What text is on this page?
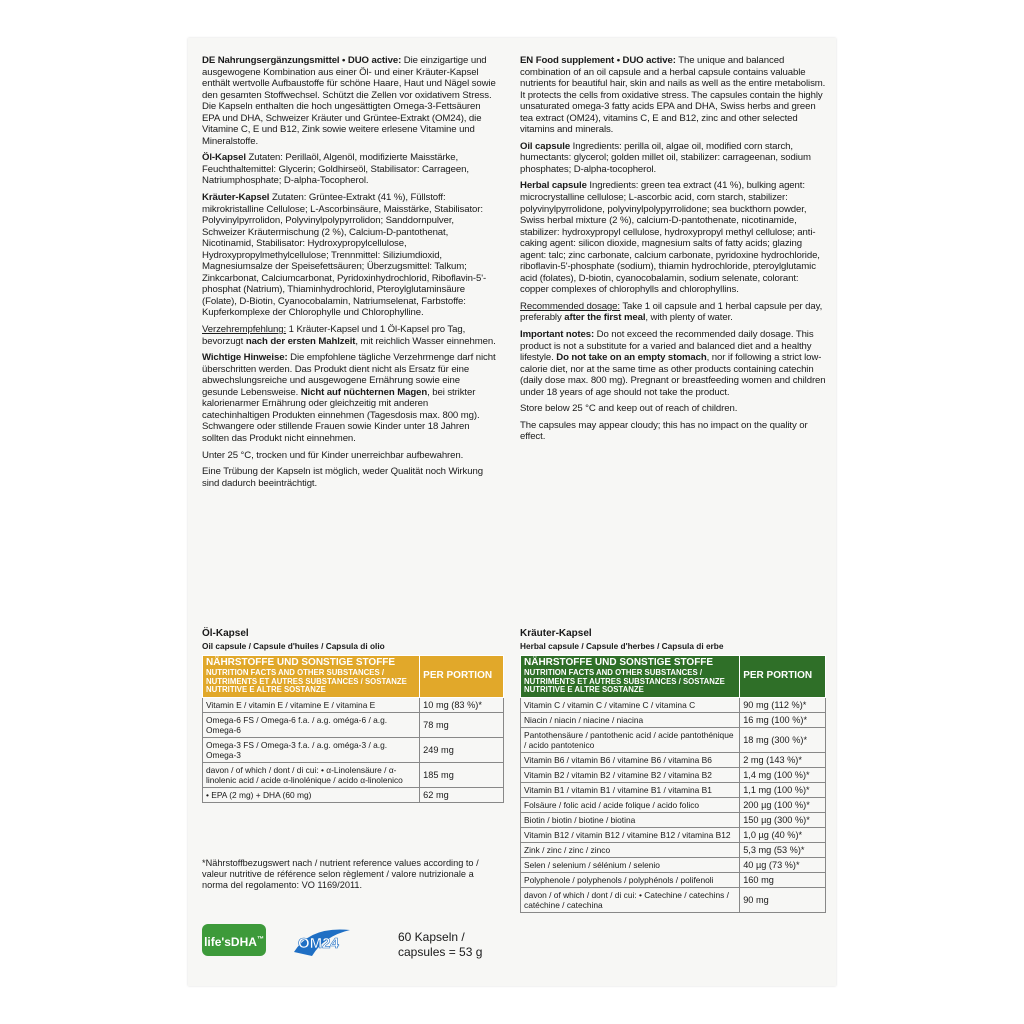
DE Nahrungsergänzungsmittel • DUO active: Die einzigartige und ausgewogene Kombination aus einer Öl- und einer Kräuter-Kapsel enthält wertvolle Aufbaustoffe für schöne Haare, Haut und Nägel sowie den gesamten Stoffwechsel. Schützt die Zellen vor oxidativem Stress. Die Kapseln enthalten die hoch ungesättigten Omega-3-Fettsäuren EPA und DHA, Schweizer Kräuter und Grüntee-Extrakt (OM24), die Vitamine C, E und B12, Zink sowie weitere erlesene Vitamine und Mineralstoffe.

Öl-Kapsel Zutaten: Perillaöl, Algenöl, modifizierte Maisstärke, Feuchthaltemittel: Glycerin; Goldhirseöl, Stabilisator: Carrageen, Natriumphosphate; D-alpha-Tocopherol.

Kräuter-Kapsel Zutaten: Grüntee-Extrakt (41 %), Füllstoff: mikrokristalline Cellulose; L-Ascorbinsäure, Maisstärke, Stabilisator: Polyvinylpyrrolidon, Polyvinylpolypyrrolidon; Sanddornpulver, Schweizer Kräutermischung (2 %), Calcium-D-pantothenat, Nicotinamid, Stabilisator: Hydroxypropylcellulose, Hydroxypropylmethylcellulose; Trennmittel: Siliziumdioxid, Magnesiumsalze der Speisefettsäuren; Überzugsmittel: Talkum; Zinkcarbonat, Calciumcarbonat, Pyridoxinhydrochlorid, Riboflavin-5'-phosphat (Natrium), Thiaminhydrochlorid, Pteroylglutaminsäure (Folate), D-Biotin, Cyanocobalamin, Natriumselenat, Farbstoffe: Kupferkomplexe der Chlorophylle und Chlorophylline.

Verzehrempfehlung: 1 Kräuter-Kapsel und 1 Öl-Kapsel pro Tag, bevorzugt nach der ersten Mahlzeit, mit reichlich Wasser einnehmen.

Wichtige Hinweise: Die empfohlene tägliche Verzehrmenge darf nicht überschritten werden. Das Produkt dient nicht als Ersatz für eine abwechslungsreiche und ausgewogene Ernährung sowie eine gesunde Lebensweise. Nicht auf nüchternen Magen, bei strikter kalorienarmer Ernährung oder gleichzeitig mit anderen catechinhaltigen Produkten einnehmen (Tagesdosis max. 800 mg). Schwangere oder stillende Frauen sowie Kinder unter 18 Jahren sollten das Produkt nicht einnehmen.

Unter 25 °C, trocken und für Kinder unerreichbar aufbewahren.

Eine Trübung der Kapseln ist möglich, weder Qualität noch Wirkung sind dadurch beeinträchtigt.

EN Food supplement • DUO active: The unique and balanced combination of an oil capsule and a herbal capsule contains valuable nutrients for beautiful hair, skin and nails as well as the entire metabolism. It protects the cells from oxidative stress. The capsules contain the highly unsaturated omega-3 fatty acids EPA and DHA, Swiss herbs and green tea extract (OM24), vitamins C, E and B12, zinc and other selected vitamins and minerals.

Oil capsule Ingredients: perilla oil, algae oil, modified corn starch, humectants: glycerol; golden millet oil, stabilizer: carrageenan, sodium phosphates; D-alpha-tocopherol.

Herbal capsule Ingredients: green tea extract (41 %), bulking agent: microcrystalline cellulose; L-ascorbic acid, corn starch, stabilizer: polyvinylpyrrolidone, polyvinylpolypyrrolidone; sea buckthorn powder, Swiss herbal mixture (2 %), calcium-D-pantothenate, nicotinamide, stabilizer: hydroxypropyl cellulose, hydroxypropyl methyl cellulose; anti-caking agent: silicon dioxide, magnesium salts of fatty acids; glazing agent: talc; zinc carbonate, calcium carbonate, pyridoxine hydrochloride, riboflavin-5'-phosphate (sodium), thiamin hydrochloride, pteroylglutamic acid (folates), D-biotin, cyanocobalamin, sodium selenate, colorant: copper complexes of chlorophylls and chlorophyllins.

Recommended dosage: Take 1 oil capsule and 1 herbal capsule per day, preferably after the first meal, with plenty of water.

Important notes: Do not exceed the recommended daily dosage. This product is not a substitute for a varied and balanced diet and a healthy lifestyle. Do not take on an empty stomach, nor if following a strict low-calorie diet, nor at the same time as other products containing catechin (daily dose max. 800 mg). Pregnant or breastfeeding women and children under 18 years of age should not take the product.

Store below 25 °C and keep out of reach of children.

The capsules may appear cloudy; this has no impact on the quality or effect.

Öl-Kapsel
Oil capsule / Capsule d'huiles / Capsula di olio
NÄHRSTOFFE UND SONSTIGE STOFFE
NUTRITION FACTS AND OTHER SUBSTANCES / NUTRIMENTS ET AUTRES SUBSTANCES / SOSTANZE NUTRITIVE E ALTRE SOSTANZE	PER PORTION
Vitamin E / vitamin E / vitamine E / vitamina E	10 mg (83 %)*
Omega-6 FS / Omega-6 f.a. / a.g. oméga-6 / a.g. Omega-6	78 mg
Omega-3 FS / Omega-3 f.a. / a.g. oméga-3 / a.g. Omega-3	249 mg
davon / of which / dont / di cui: • α-Linolensäure / α-linolenic acid / acide α-linolénique / acido α-linolenico	185 mg
• EPA (2 mg) + DHA (60 mg)	62 mg
*Nährstoffbezugswert nach / nutrient reference values according to / valeur nutritive de référence selon règlement / valore nutrizionale a norma del regolamento: VO 1169/2011.
Kräuter-Kapsel
Herbal capsule / Capsule d'herbes / Capsula di erbe
NÄHRSTOFFE UND SONSTIGE STOFFE
NUTRITION FACTS AND OTHER SUBSTANCES / NUTRIMENTS ET AUTRES SUBSTANCES / SOSTANZE NUTRITIVE E ALTRE SOSTANZE	PER PORTION
Vitamin C / vitamin C / vitamine C / vitamina C	90 mg (112 %)*
Niacin / niacin / niacine / niacina	16 mg (100 %)*
Pantothensäure / pantothenic acid / acide pantothénique / acido pantotenico	18 mg (300 %)*
Vitamin B6 / vitamin B6 / vitamine B6 / vitamina B6	2 mg (143 %)*
Vitamin B2 / vitamin B2 / vitamine B2 / vitamina B2	1,4 mg (100 %)*
Vitamin B1 / vitamin B1 / vitamine B1 / vitamina B1	1,1 mg (100 %)*
Folsäure / folic acid / acide folique / acido folico	200 µg (100 %)*
Biotin / biotin / biotine / biotina	150 µg (300 %)*
Vitamin B12 / vitamin B12 / vitamine B12 / vitamina B12	1,0 µg (40 %)*
Zink / zinc / zinc / zinco	5,3 mg (53 %)*
Selen / selenium / sélénium / selenio	40 µg (73 %)*
Polyphenole / polyphenols / polyphénols / polifenoli	160 mg
davon / of which / dont / di cui: • Catechine / catechins / catéchine / catechina	90 mg
life'sDHA™ OM24	60 Kapseln /
capsules = 53 g
